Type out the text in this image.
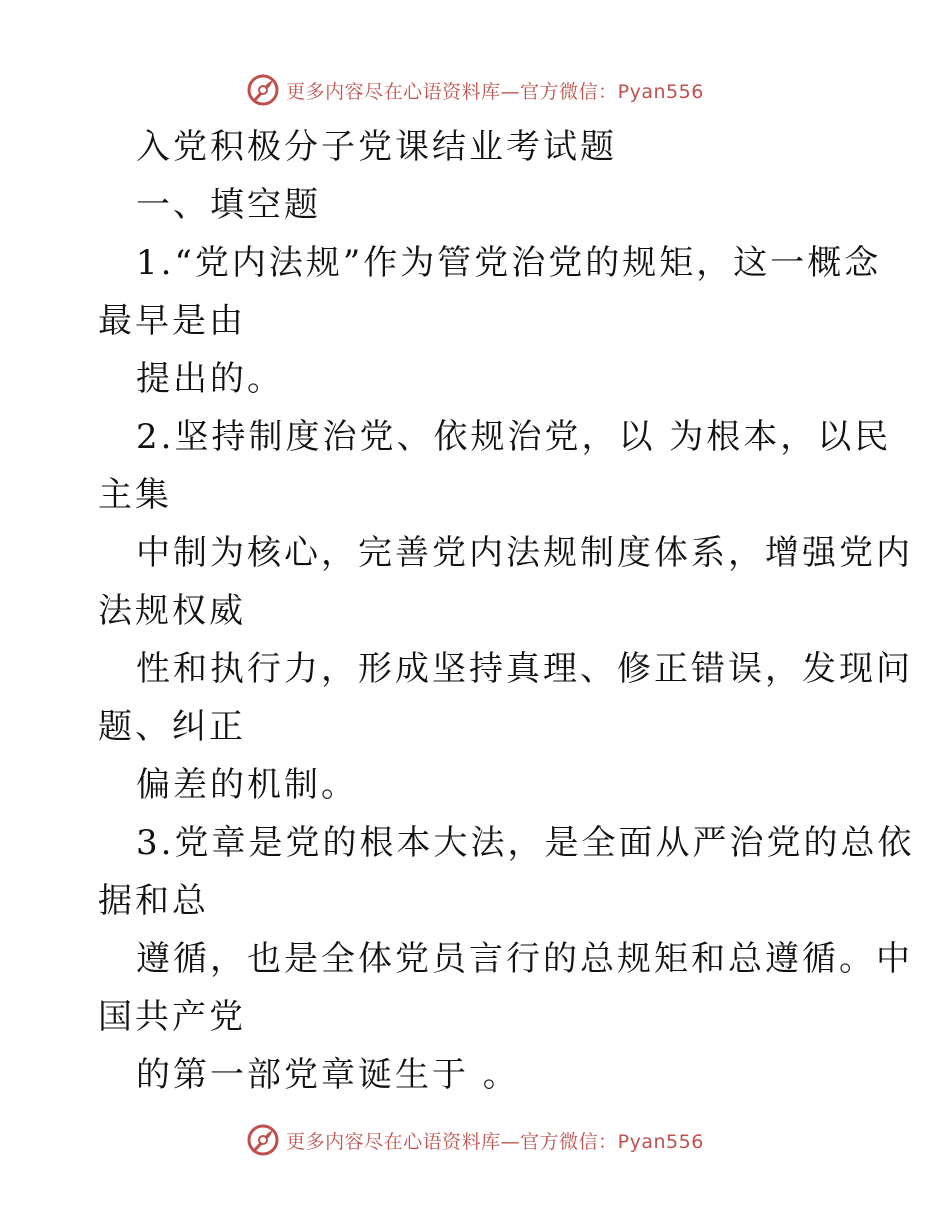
更多内容尽在心语资料库—官方微信：Pyan556
入党积极分子党课结业考试题
一、填空题
1.“党内法规”作为管党治党的规矩，这一概念
最早是由
提出的。
2.坚持制度治党、依规治党，以 为根本，以民
主集
中制为核心，完善党内法规制度体系，增强党内
法规权威
性和执行力，形成坚持真理、修正错误，发现问
题、纠正
偏差的机制。
3.党章是党的根本大法，是全面从严治党的总依
据和总
遵循，也是全体党员言行的总规矩和总遵循。中
国共产党
的第一部党章诞生于 。
更多内容尽在心语资料库—官方微信：Pyan556
